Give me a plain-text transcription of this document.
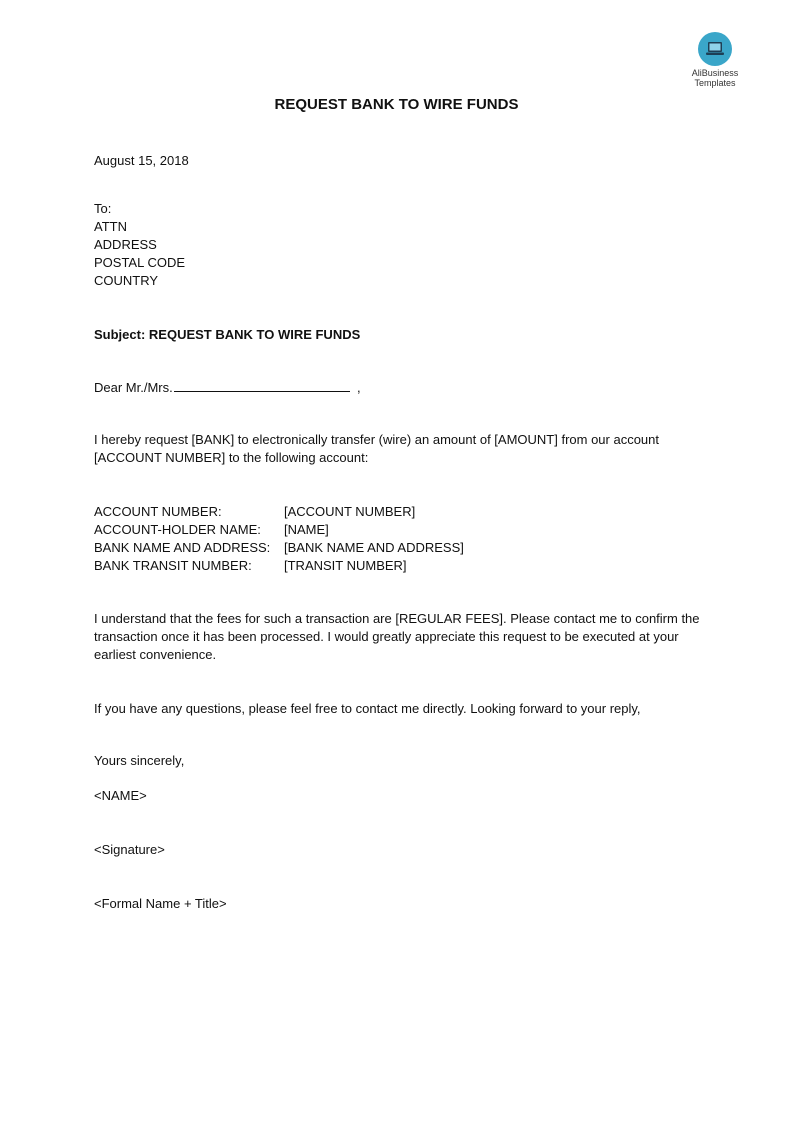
AliBusiness
Templates
REQUEST BANK TO WIRE FUNDS
August 15, 2018
To:
ATTN
ADDRESS
POSTAL CODE
COUNTRY
Subject: REQUEST BANK TO WIRE FUNDS
Dear Mr./Mrs.	,
I hereby request [BANK] to electronically transfer (wire) an amount of [AMOUNT] from our account [ACCOUNT NUMBER] to the following account:
ACCOUNT NUMBER:	[ACCOUNT NUMBER]
ACCOUNT-HOLDER NAME: [NAME]
BANK NAME AND ADDRESS: [BANK NAME AND ADDRESS]
BANK TRANSIT NUMBER: [TRANSIT NUMBER]
I understand that the fees for such a transaction are [REGULAR FEES]. Please contact me to confirm the transaction once it has been processed. I would greatly appreciate this request to be executed at your earliest convenience.
If you have any questions, please feel free to contact me directly. Looking forward to your reply,
Yours sincerely,
<NAME>
<Signature>
<Formal Name + Title>
